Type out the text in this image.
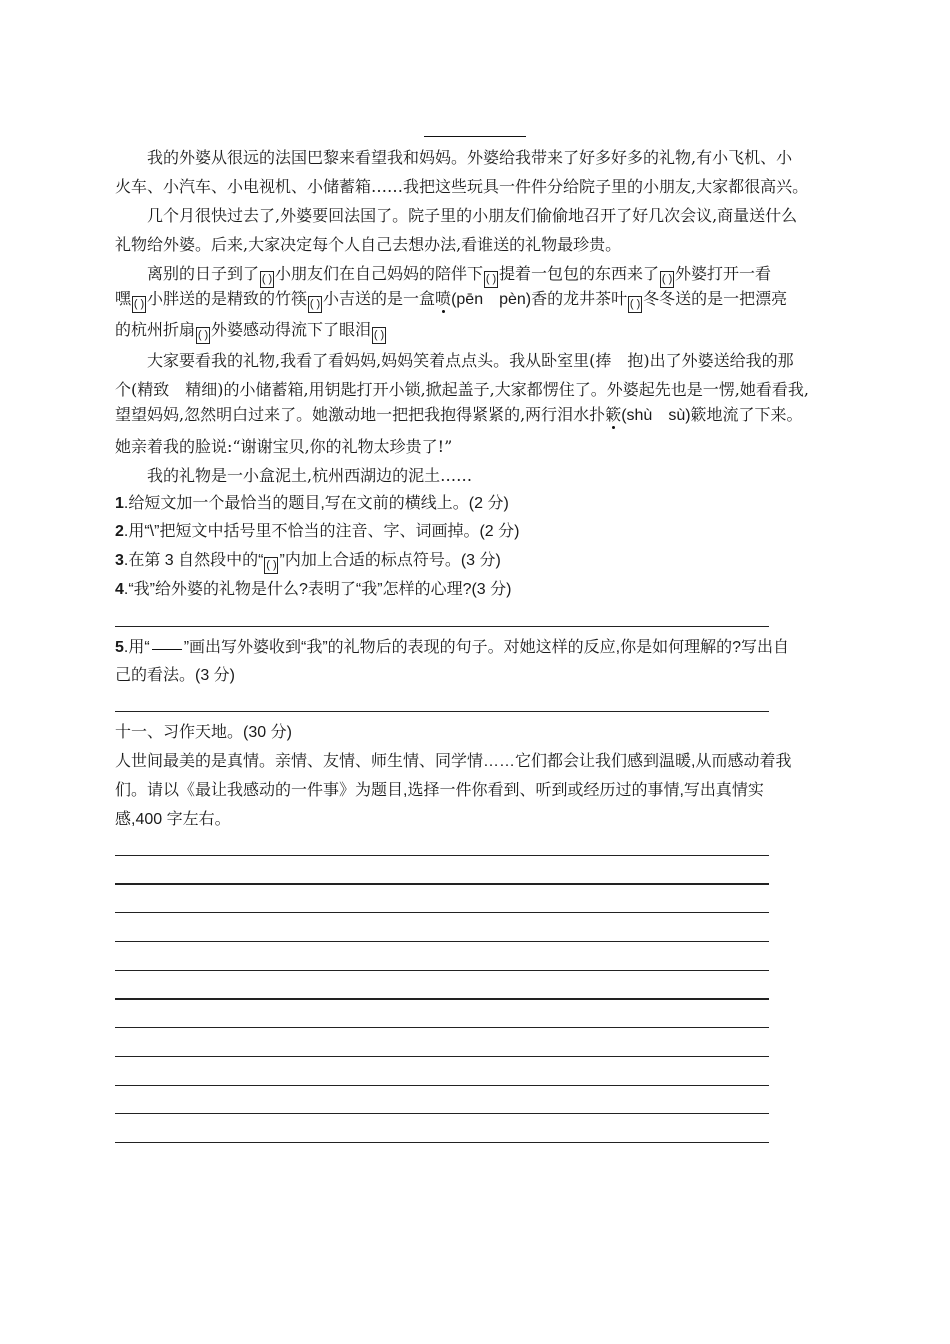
我的外婆从很远的法国巴黎来看望我和妈妈。外婆给我带来了好多好多的礼物,有小飞机、小
火车、小汽车、小电视机、小储蓄箱……我把这些玩具一件件分给院子里的小朋友,大家都很高兴。
几个月很快过去了,外婆要回法国了。院子里的小朋友们偷偷地召开了好几次会议,商量送什么
礼物给外婆。后来,大家决定每个人自己去想办法,看谁送的礼物最珍贵。
离别的日子到了 ( ) 小朋友们在自己妈妈的陪伴下 ( ) 提着一包包的东西来了 ( ) 外婆打开一看
嘿 ( ) 小胖送的是精致的竹筷 ( ) 小吉送的是一盒喷(pēn　pèn)香的龙井茶叶 ( ) 冬冬送的是一把漂亮
的杭州折扇 ( ) 外婆感动得流下了眼泪 ( )
大家要看我的礼物,我看了看妈妈,妈妈笑着点点头。我从卧室里(捧　抱)出了外婆送给我的那
个(精致　精细)的小储蓄箱,用钥匙打开小锁,掀起盖子,大家都愣住了。外婆起先也是一愣,她看看我,
望望妈妈,忽然明白过来了。她激动地一把把我抱得紧紧的,两行泪水扑簌(shù　sù)簌地流了下来。
她亲着我的脸说:“谢谢宝贝,你的礼物太珍贵了!”
我的礼物是一小盒泥土,杭州西湖边的泥土……
1.给短文加一个最恰当的题目,写在文前的横线上。(2 分)
2.用“\”把短文中括号里不恰当的注音、字、词画掉。(2 分)
3.在第 3 自然段中的“ ( ) ”内加上合适的标点符号。(3 分)
4.“我”给外婆的礼物是什么?表明了“我”怎样的心理?(3 分)
5.用“ ”画出写外婆收到“我”的礼物后的表现的句子。对她这样的反应,你是如何理解的?写出自
己的看法。(3 分)
十一、习作天地。(30 分)
人世间最美的是真情。亲情、友情、师生情、同学情……它们都会让我们感到温暖,从而感动着我
们。请以《最让我感动的一件事》为题目,选择一件你看到、听到或经历过的事情,写出真情实
感,400 字左右。
